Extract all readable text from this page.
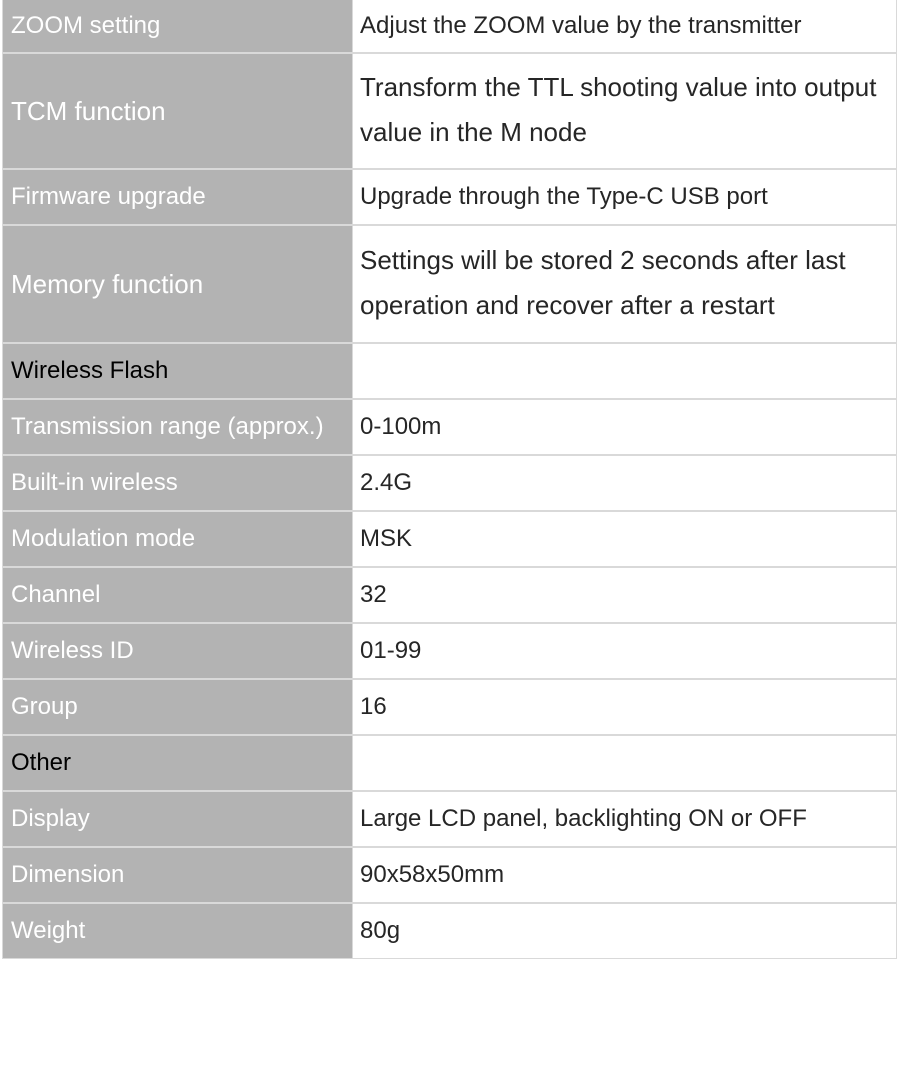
ZOOM setting	Adjust the ZOOM value by the transmitter
TCM function	Transform the TTL shooting value into output value in the M node
Firmware upgrade	Upgrade through the Type-C USB port
Memory function	Settings will be stored 2 seconds after last operation and recover after a restart
Wireless Flash	
Transmission range (approx.)	0-100m
Built-in wireless	2.4G
Modulation mode	MSK
Channel	32
Wireless ID	01-99
Group	16
Other	
Display	Large LCD panel, backlighting ON or OFF
Dimension	90x58x50mm
Weight	80g
